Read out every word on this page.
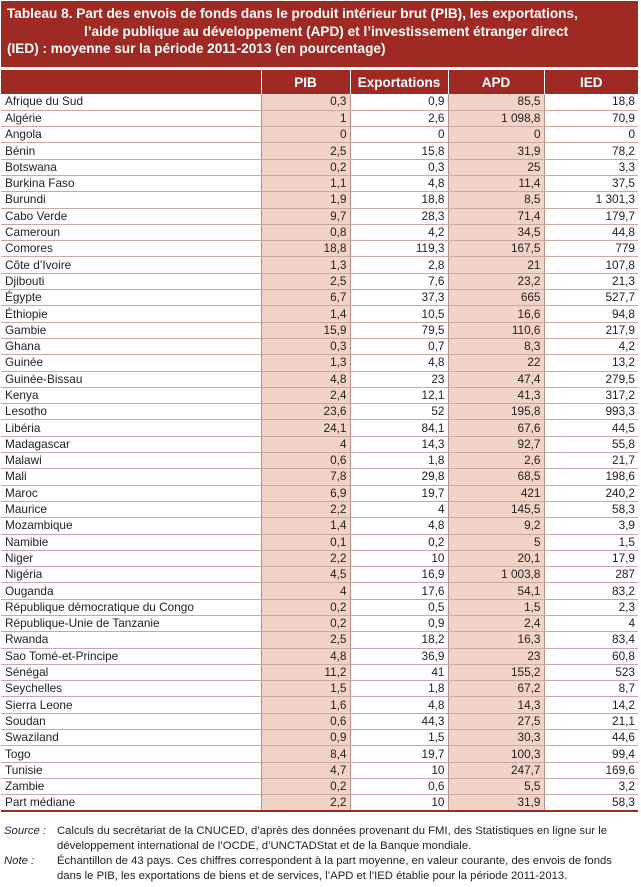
Tableau 8. Part des envois de fonds dans le produit intérieur brut (PIB), les exportations,
l’aide publique au développement (APD) et l’investissement étranger direct
(IED) : moyenne sur la période 2011-2013 (en pourcentage)
	PIB	Exportations	APD	IED
Afrique du Sud	0,3	0,9	85,5	18,8
Algérie	1	2,6	1 098,8	70,9
Angola	0	0	0	0
Bénin	2,5	15,8	31,9	78,2
Botswana	0,2	0,3	25	3,3
Burkina Faso	1,1	4,8	11,4	37,5
Burundi	1,9	18,8	8,5	1 301,3
Cabo Verde	9,7	28,3	71,4	179,7
Cameroun	0,8	4,2	34,5	44,8
Comores	18,8	119,3	167,5	779
Côte d’Ivoire	1,3	2,8	21	107,8
Djibouti	2,5	7,6	23,2	21,3
Égypte	6,7	37,3	665	527,7
Éthiopie	1,4	10,5	16,6	94,8
Gambie	15,9	79,5	110,6	217,9
Ghana	0,3	0,7	8,3	4,2
Guinée	1,3	4,8	22	13,2
Guinée-Bissau	4,8	23	47,4	279,5
Kenya	2,4	12,1	41,3	317,2
Lesotho	23,6	52	195,8	993,3
Libéria	24,1	84,1	67,6	44,5
Madagascar	4	14,3	92,7	55,8
Malawi	0,6	1,8	2,6	21,7
Mali	7,8	29,8	68,5	198,6
Maroc	6,9	19,7	421	240,2
Maurice	2,2	4	145,5	58,3
Mozambique	1,4	4,8	9,2	3,9
Namibie	0,1	0,2	5	1,5
Niger	2,2	10	20,1	17,9
Nigéria	4,5	16,9	1 003,8	287
Ouganda	4	17,6	54,1	83,2
République démocratique du Congo	0,2	0,5	1,5	2,3
République-Unie de Tanzanie	0,2	0,9	2,4	4
Rwanda	2,5	18,2	16,3	83,4
Sao Tomé-et-Principe	4,8	36,9	23	60,8
Sénégal	11,2	41	155,2	523
Seychelles	1,5	1,8	67,2	8,7
Sierra Leone	1,6	4,8	14,3	14,2
Soudan	0,6	44,3	27,5	21,1
Swaziland	0,9	1,5	30,3	44,6
Togo	8,4	19,7	100,3	99,4
Tunisie	4,7	10	247,7	169,6
Zambie	0,2	0,6	5,5	3,2
Part médiane	2,2	10	31,9	58,3
Source : Calculs du secrétariat de la CNUCED, d’après des données provenant du FMI, des Statistiques en ligne sur le développement international de l’OCDE, d’UNCTADStat et de la Banque mondiale.
Note :	Échantillon de 43 pays. Ces chiffres correspondent à la part moyenne, en valeur courante, des envois de fonds dans le PIB, les exportations de biens et de services, l’APD et l’IED établie pour la période 2011-2013.
